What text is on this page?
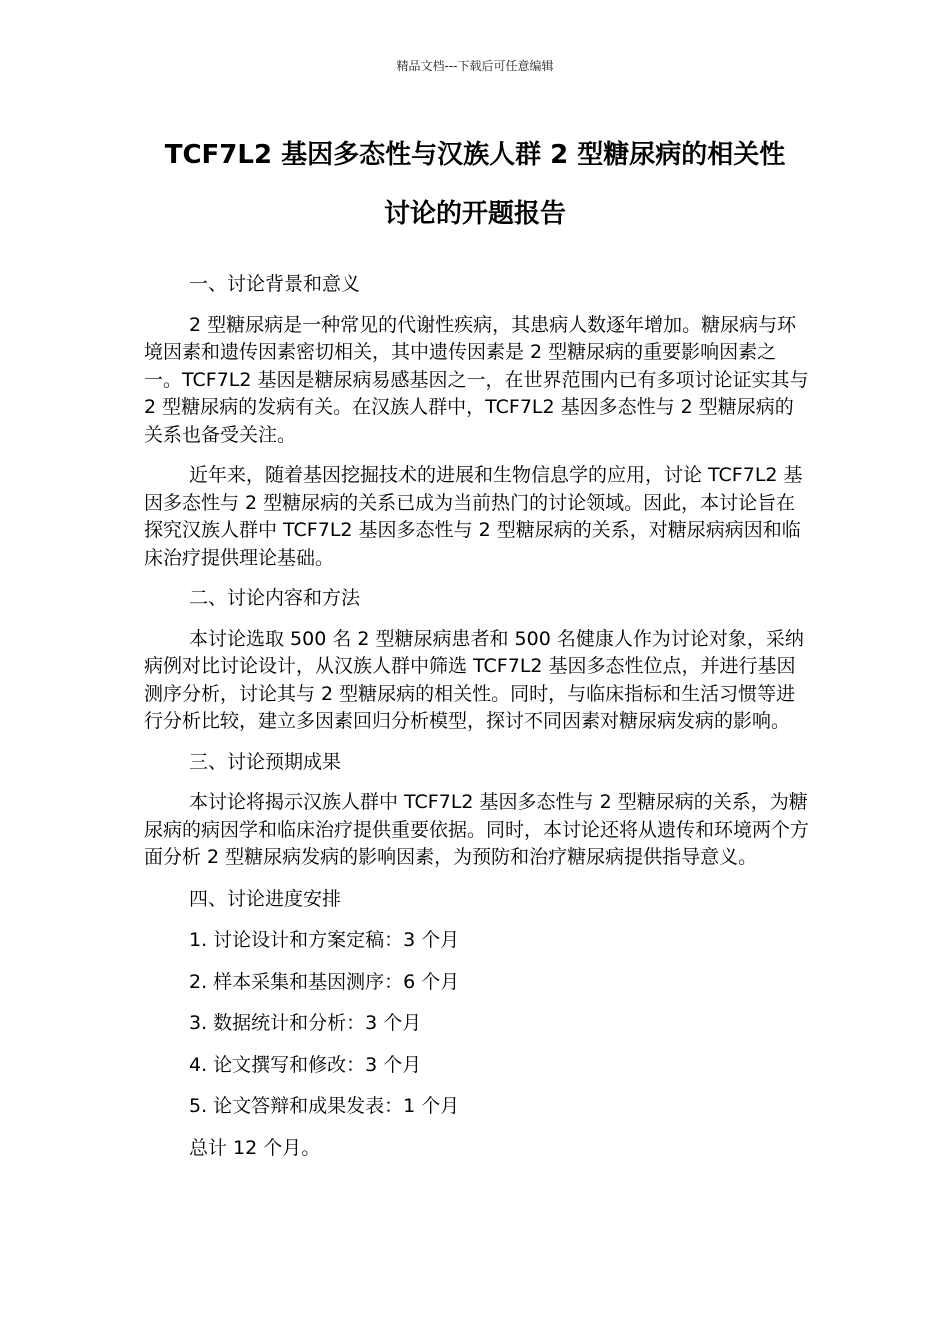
精品文档---下载后可任意编辑
TCF7L2 基因多态性与汉族人群 2 型糖尿病的相关性
讨论的开题报告

一、讨论背景和意义

2 型糖尿病是一种常见的代谢性疾病，其患病人数逐年增加。糖尿病与环境因素和遗传因素密切相关，其中遗传因素是 2 型糖尿病的重要影响因素之一。TCF7L2 基因是糖尿病易感基因之一，在世界范围内已有多项讨论证实其与 2 型糖尿病的发病有关。在汉族人群中，TCF7L2 基因多态性与 2 型糖尿病的关系也备受关注。

近年来，随着基因挖掘技术的进展和生物信息学的应用，讨论 TCF7L2 基因多态性与 2 型糖尿病的关系已成为当前热门的讨论领域。因此，本讨论旨在探究汉族人群中 TCF7L2 基因多态性与 2 型糖尿病的关系，对糖尿病病因和临床治疗提供理论基础。

二、讨论内容和方法

本讨论选取 500 名 2 型糖尿病患者和 500 名健康人作为讨论对象，采纳病例对比讨论设计，从汉族人群中筛选 TCF7L2 基因多态性位点，并进行基因测序分析，讨论其与 2 型糖尿病的相关性。同时，与临床指标和生活习惯等进行分析比较，建立多因素回归分析模型，探讨不同因素对糖尿病发病的影响。

三、讨论预期成果

本讨论将揭示汉族人群中 TCF7L2 基因多态性与 2 型糖尿病的关系，为糖尿病的病因学和临床治疗提供重要依据。同时，本讨论还将从遗传和环境两个方面分析 2 型糖尿病发病的影响因素，为预防和治疗糖尿病提供指导意义。

四、讨论进度安排

1. 讨论设计和方案定稿：3 个月

2. 样本采集和基因测序：6 个月

3. 数据统计和分析：3 个月

4. 论文撰写和修改：3 个月

5. 论文答辩和成果发表：1 个月

总计 12 个月。
